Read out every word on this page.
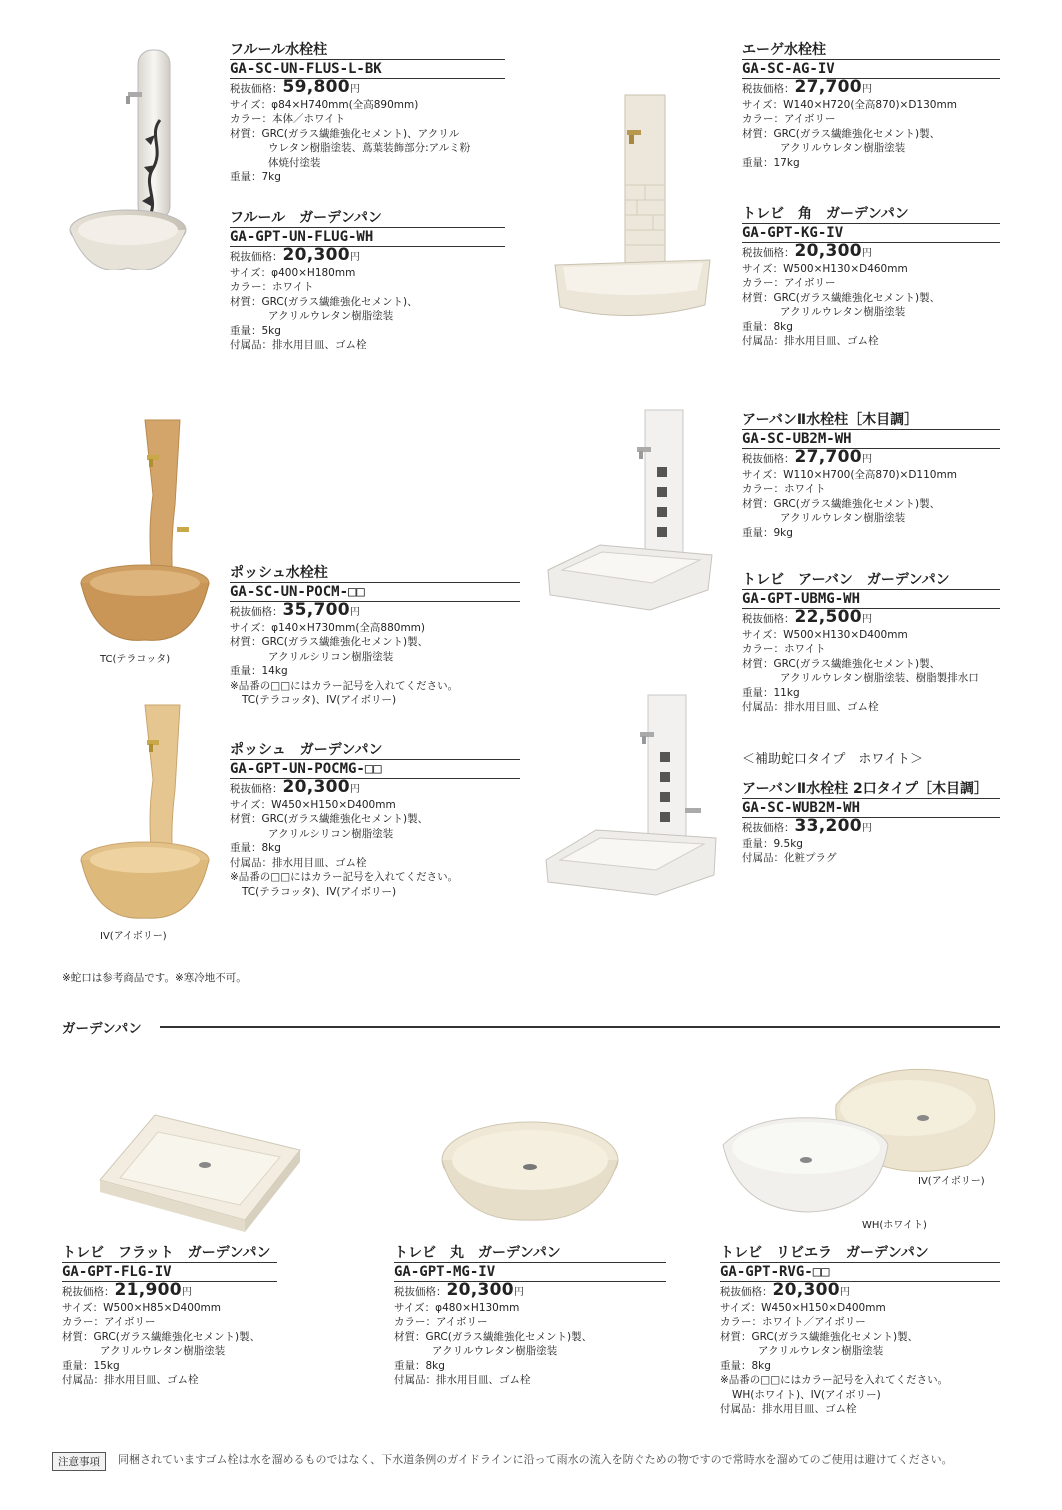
TC(テラコッタ)
IV(アイボリー)
IV(アイボリー)
WH(ホワイト)
フルール水栓柱
GA-SC-UN-FLUS-L-BK
税抜価格：59,800円
サイズ：φ84×H740mm(全高890mm)
カラー：本体／ホワイト
材質：GRC(ガラス繊維強化セメント)、アクリル
ウレタン樹脂塗装、蔦葉装飾部分:アルミ粉
体焼付塗装
重量：7kg
フルール　ガーデンパン
GA-GPT-UN-FLUG-WH
税抜価格：20,300円
サイズ：φ400×H180mm
カラー：ホワイト
材質：GRC(ガラス繊維強化セメント)、
アクリルウレタン樹脂塗装
重量：5kg
付属品：排水用目皿、ゴム栓
エーゲ水栓柱
GA-SC-AG-IV
税抜価格：27,700円
サイズ：W140×H720(全高870)×D130mm
カラー：アイボリー
材質：GRC(ガラス繊維強化セメント)製、
アクリルウレタン樹脂塗装
重量：17kg
トレビ　角　ガーデンパン
GA-GPT-KG-IV
税抜価格：20,300円
サイズ：W500×H130×D460mm
カラー：アイボリー
材質：GRC(ガラス繊維強化セメント)製、
アクリルウレタン樹脂塗装
重量：8kg
付属品：排水用目皿、ゴム栓
ポッシュ水栓柱
GA-SC-UN-POCM-□□
税抜価格：35,700円
サイズ：φ140×H730mm(全高880mm)
材質：GRC(ガラス繊維強化セメント)製、
アクリルシリコン樹脂塗装
重量：14kg
※品番の□□にはカラー記号を入れてください。
TC(テラコッタ)、IV(アイボリー)
ポッシュ　ガーデンパン
GA-GPT-UN-POCMG-□□
税抜価格：20,300円
サイズ：W450×H150×D400mm
材質：GRC(ガラス繊維強化セメント)製、
アクリルシリコン樹脂塗装
重量：8kg
付属品：排水用目皿、ゴム栓
※品番の□□にはカラー記号を入れてください。
TC(テラコッタ)、IV(アイボリー)
アーバンⅡ水栓柱［木目調］
GA-SC-UB2M-WH
税抜価格：27,700円
サイズ：W110×H700(全高870)×D110mm
カラー：ホワイト
材質：GRC(ガラス繊維強化セメント)製、
アクリルウレタン樹脂塗装
重量：9kg
トレビ　アーバン　ガーデンパン
GA-GPT-UBMG-WH
税抜価格：22,500円
サイズ：W500×H130×D400mm
カラー：ホワイト
材質：GRC(ガラス繊維強化セメント)製、
アクリルウレタン樹脂塗装、樹脂製排水口
重量：11kg
付属品：排水用目皿、ゴム栓
アーバンⅡ水栓柱 2口タイプ［木目調］
GA-SC-WUB2M-WH
税抜価格：33,200円
重量：9.5kg
付属品：化粧プラグ
トレビ　フラット　ガーデンパン
GA-GPT-FLG-IV
税抜価格：21,900円
サイズ：W500×H85×D400mm
カラー：アイボリー
材質：GRC(ガラス繊維強化セメント)製、
アクリルウレタン樹脂塗装
重量：15kg
付属品：排水用目皿、ゴム栓
トレビ　丸　ガーデンパン
GA-GPT-MG-IV
税抜価格：20,300円
サイズ：φ480×H130mm
カラー：アイボリー
材質：GRC(ガラス繊維強化セメント)製、
アクリルウレタン樹脂塗装
重量：8kg
付属品：排水用目皿、ゴム栓
トレビ　リビエラ　ガーデンパン
GA-GPT-RVG-□□
税抜価格：20,300円
サイズ：W450×H150×D400mm
カラー：ホワイト／アイボリー
材質：GRC(ガラス繊維強化セメント)製、
アクリルウレタン樹脂塗装
重量：8kg
※品番の□□にはカラー記号を入れてください。
WH(ホワイト)、IV(アイボリー)
付属品：排水用目皿、ゴム栓
＜補助蛇口タイプ　ホワイト＞
※蛇口は参考商品です。※寒冷地不可。
ガーデンパン
注意事項	同梱されていますゴム栓は水を溜めるものではなく、下水道条例のガイドラインに沿って雨水の流入を防ぐための物ですので常時水を溜めてのご使用は避けてください。
